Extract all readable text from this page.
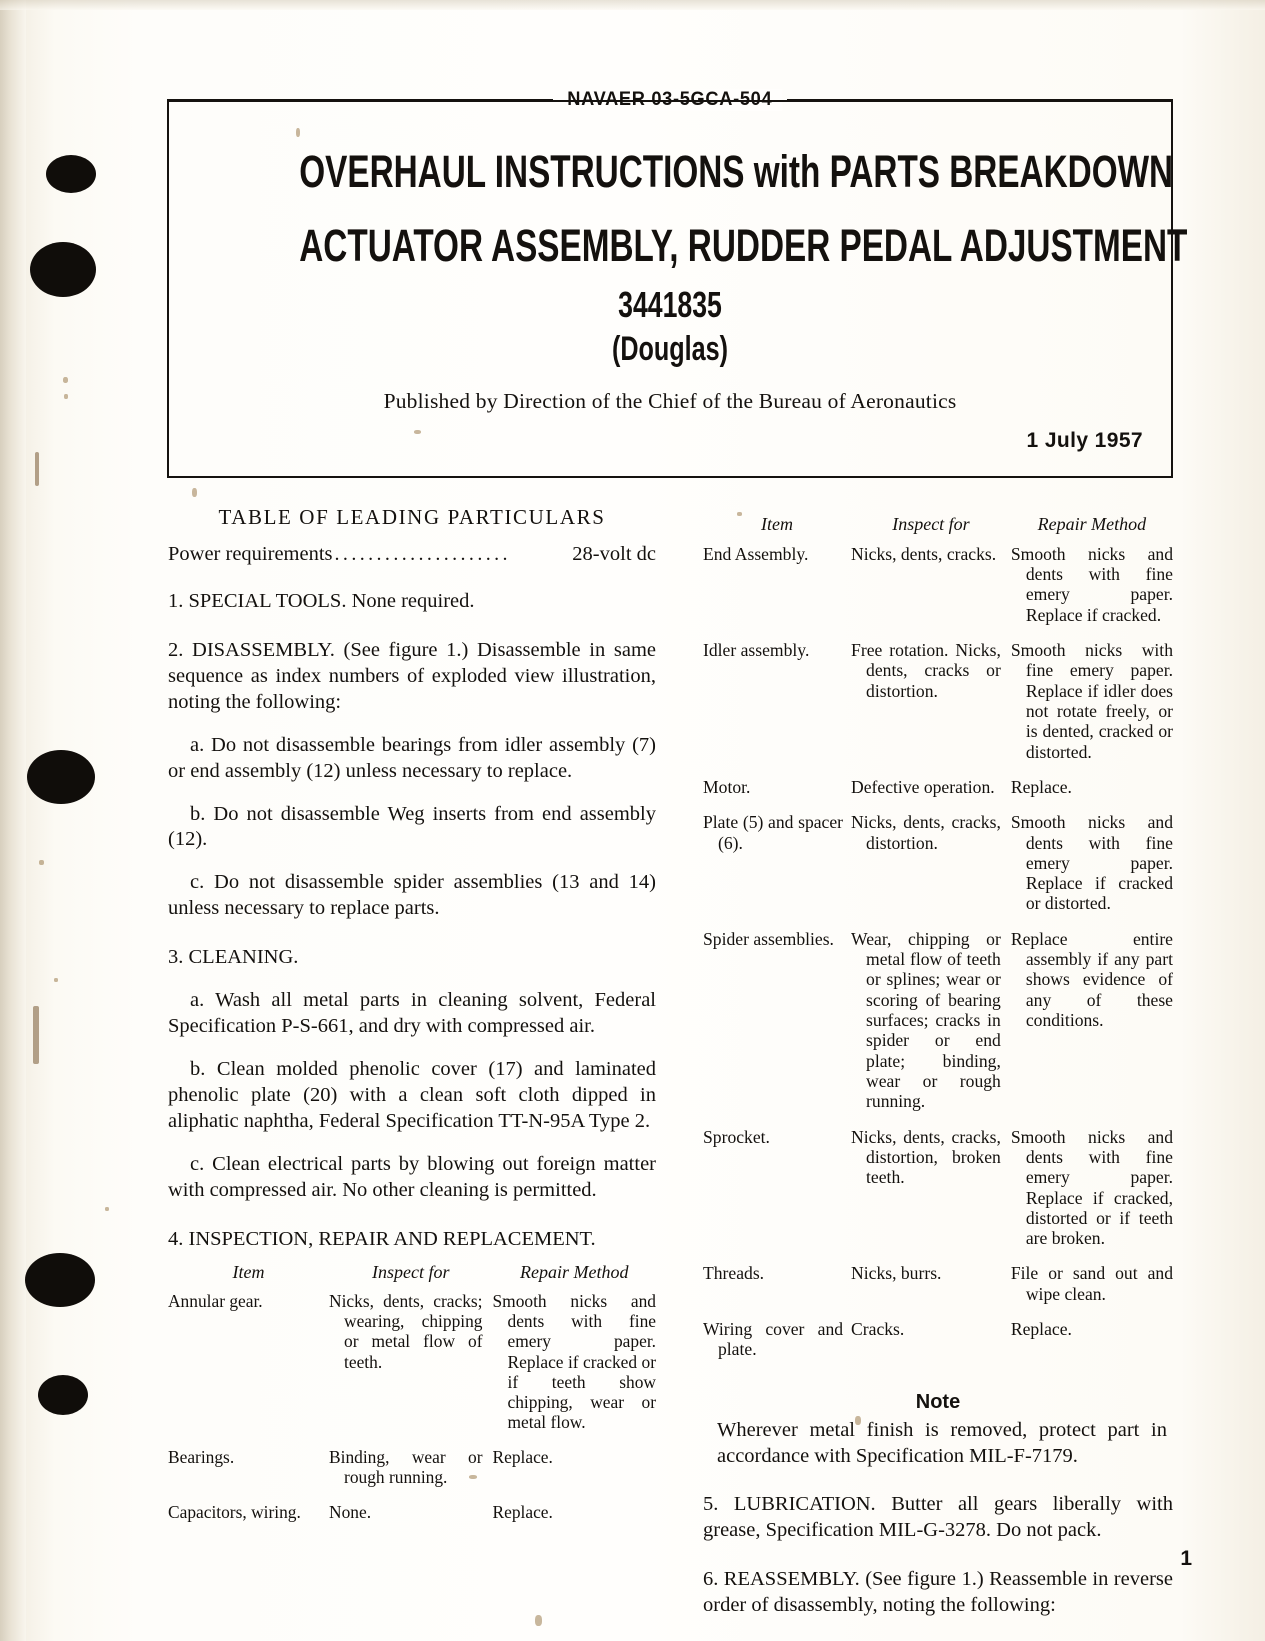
NAVAER 03-5GCA-504
OVERHAUL INSTRUCTIONS with PARTS BREAKDOWN
ACTUATOR ASSEMBLY, RUDDER PEDAL ADJUSTMENT
3441835
(Douglas)
Published by Direction of the Chief of the Bureau of Aeronautics
1 July 1957
TABLE OF LEADING PARTICULARS
Power requirements .....................	28-volt dc
1. SPECIAL TOOLS. None required.
2. DISASSEMBLY. (See figure 1.) Disassemble in same sequence as index numbers of exploded view illustration, noting the following:
a. Do not disassemble bearings from idler assembly (7) or end assembly (12) unless necessary to replace.
b. Do not disassemble Weg inserts from end assembly (12).
c. Do not disassemble spider assemblies (13 and 14) unless necessary to replace parts.
3. CLEANING.
a. Wash all metal parts in cleaning solvent, Federal Specification P-S-661, and dry with compressed air.
b. Clean molded phenolic cover (17) and laminated phenolic plate (20) with a clean soft cloth dipped in aliphatic naphtha, Federal Specification TT-N-95A Type 2.
c. Clean electrical parts by blowing out foreign matter with compressed air. No other cleaning is permitted.
4. INSPECTION, REPAIR AND REPLACEMENT.
Item	Inspect for	Repair Method
Annular gear.	Nicks, dents, cracks; wearing, chipping or metal flow of teeth.	Smooth nicks and dents with fine emery paper. Replace if cracked or if teeth show chipping, wear or metal flow.

Bearings.	Binding, wear or rough running.	Replace.

Capacitors, wiring.	None.	Replace.
Item	Inspect for	Repair Method
End Assembly.	Nicks, dents, cracks.	Smooth nicks and dents with fine emery paper. Replace if cracked.

Idler assembly.	Free rotation. Nicks, dents, cracks or distortion.	Smooth nicks with fine emery paper. Replace if idler does not rotate freely, or is dented, cracked or distorted.

Motor.	Defective operation.	Replace.

Plate (5) and spacer (6).	Nicks, dents, cracks, distortion.	Smooth nicks and dents with fine emery paper. Replace if cracked or distorted.

Spider assemblies.	Wear, chipping or metal flow of teeth or splines; wear or scoring of bearing surfaces; cracks in spider or end plate; binding, wear or rough running.	Replace entire assembly if any part shows evidence of any of these conditions.

Sprocket.	Nicks, dents, cracks, distortion, broken teeth.	Smooth nicks and dents with fine emery paper. Replace if cracked, distorted or if teeth are broken.

Threads.	Nicks, burrs.	File or sand out and wipe clean.

Wiring cover and plate.	Cracks.	Replace.
Note
Wherever metal finish is removed, protect part in accordance with Specification MIL-F-7179.
5. LUBRICATION. Butter all gears liberally with grease, Specification MIL-G-3278. Do not pack.
6. REASSEMBLY. (See figure 1.) Reassemble in reverse order of disassembly, noting the following:
1
